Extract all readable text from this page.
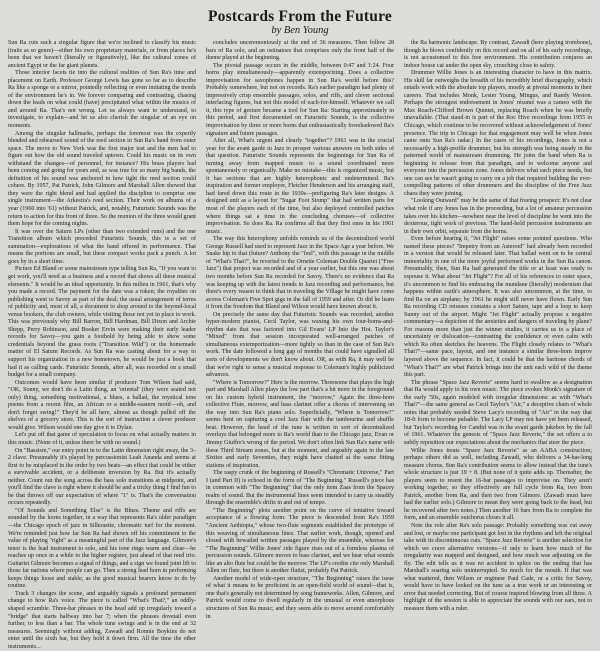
Postcards From the Future
by Ben Young

Sun Ra cuts such a singular figure that we're inclined to classify his music (traits as so genre)—either his own proprietary materials, or from places he's been that we haven't (literally or figuratively), like the cultural zones of ancient Egypt or the far giant planets.

Those interior facets tie into the cultural realities of Sun Ra's time and placement on Earth. Professor George Lewis has gone so far as to describe Ra like a sponge or a mirror, pointedly reflecting or even imitating the trends of the environment he's in. We forever comparing and contrasting, chasing down the leads on what could (have) precipitated what within the musics of and around Ra. That's not wrong. Let us always want to understand, to investigate, to explain—and let us also cherish the singular of an eye on moments.

Among the singular hallmarks, perhaps the foremost was the expertly blended and rehearsed sound of the reed section in Sun Ra's band from outer space. The move to New York was the first major test and the men had to figure out how the old sound traveled uptown. Could his music on its own withstand the changes—of personnel, for instance? His brass players had been coming and going for years and, as was true for so many big bands, the definition of his sound was anchored in how tight the reed section could cohere. By 1957, Pat Patrick, John Gilmore and Marshall Allen showed that they were the right blend and had applied the discipline to comprise one single instrument—the Arkestra's reed section. Their work on albums of a year (1960 into '61) without Patrick, and, notably, Futuristic Sounds was the return to action for this front of three. So the reunion of the three would grant them hope for the coming nights.

It was over the Saturn LPs (other than two extended runs) and the one Transition album which preceded Futuristic Sounds, this is a set of summation—explorations of what the band offered in performance. That means the portions are small, but these compact works pack a punch. A lot goes by in a short time.

Picture Ed Bland or some mainstream type telling Sun Ra, "If you want to get work, you'll need as a business and a record that shows all these musical elements." It would be an ideal opportunity. In this milieu in 1961, that's why you made a record. The payment for the date was a token; the royalties on publishing went to Savoy as part of the deal; the usual arrangement of terms of publicity and, most of all, a document to shop around to the beyond-local venue bookers, the club owners, while visiting those not yet in place to work. This was previously why Bill Barron, Bill Hardman, Bill Dixon and Archie Shepp, Perry Robinson, and Booker Ervin were making their early leader records for Savoy—you gain a foothold by being able to show some credentials beyond the grass roots ("Transition Wild") or the homemade matter of El Saturn Records. As Sun Ra was casting about for a way to support his organization in a new hometown, he would be just a book that had it as calling cards. Futuristic Sounds, after all, was recorded on a small budget for a small company.

Outcomes would have been similar if producer Tom Wilson had said, "OK, Sonny, we don't do a Latin thing, an 'oriental' (they were seated not only) thing, something motivational, a blues, a ballad, the mystical tone poems from a recent film, an African or a middle-eastern motif—oh, and don't forget swing!" They'd be all here, almost as though pulled off the shelves of a grocery store. This is the sort of instruction a clever producer would give. Wilson would one day give it to Dylan.

Let's put off that game of speculation to focus on what actually matters in this music. (None of it, unless there be with no sound.)

On "Bassism," our entry point in to the Latin dimension right away, the 3–2 clave. Presumably it's played by percussionist Leah Ananda and seems at first to be misplaced in the order by two beats—an effect that could be either a survivable accident, or a deliberate inversion by Ra. But it's actually neither. Count out the song across the bass solo transitions at midpoint, and you'll find the clave is right where it should be and a tricky thing I find fun to be that throws off our expectation of where "1" is. That's the conversation occurs repeatedly.

"Of Sounds and Something Else" is the Blues. Theme and riffs are sounded by the horns together, in a way that represents Ra's older paradigm—the Chicago epoch of jazz in Silhouette, chromatic turf for the moment. We're reminded just how far Sun Ra had shown off his commitment to the value of playing "right" as a meaningful part of the Jazz language. Gilmore's tenor is the lead instrument to solo, and his tone rings warm and clear—he reaches up once in a while to the higher register, just ahead of that reed trio. Guitarist Gilmore becomes a signal of things, and a sign we found joint lift to those far nations where people can go. Then a strong lead horn in performing keeps things loose and stable, as the good musical bearers know to do by routine.

Track 3 changes the scene, and arguably signals a profound permanent change to how Ra's voice. The piece is called "What's That?," an oddly-shaped scramble. Three-bar phrases in the head add up irregularly toward a "bridge" that starts halfway into bar 7; when the phrases dovetail even further, to less than a bar. The whole tune swings and is in the end at 32 measures. Seemingly without adding, Zawadi and Ronnie Boykins do not enter until the sixth bar, but they hold it down firm. All the time the other instruments...

concludes unceremoniously at the end of 36 measures. Then follow 28 bars of Ra solo, and an ostinatoes that comprises only the front half of the theme played at the beginning.

The pivotal passage occurs in the middle, between 0:47 and 1:24. Four horns play simultaneously—apparently extemporizing. Does a collective improvisation for saxophones happen in Sun Ra's world before this? Probably somewhere, but not on records. Ra's earlier paradigm had plenty of impressively crisp ensemble passages, solos, and riffs, and clever sectional interlacing figures, but not this model of each-for-himself. Whatever we call it, this type of gesture became a tool for Sun Ra: Starting approximately in this period, and first documented on Futuristic Sounds, is the collective improvisation by three or more horns that enthusiastically foreshadowed Ra's signature and future passages.

After all, What's urgent and clearly "together"? 1961 was in the crucial year for the avant garde in Jazz to prosper various answers on both sides of that question. Futuristic Sounds represents the beginnings for Sun Ra of turning away from mapped music to a sound coordinated more spontaneously or organically. Make no mistake—this is organized music, but it has sections that are highly heterophonic and undetermined. Ra's inspiration and former employer, Fletcher Henderson and his arranging staff, had fared down this route in the 1930s—prefiguring Ra's later designs. A designed unit as a layout for "Sugar Foot Stomp" that had written parts for most of the players each of the time, but also deployed controlled patches where things sat a time in the concluding choruses—of collective improvisation. So does Ra. Ra confirms all that they first ones in his 1961 music.

The way this heterophony unfolds reminds us of the decentralized world George Russell had used to represent Jazz in the Space Age a year before. We Snake hip to that (future? Anthony the "feel", with this passage in the middle of "What's That?", he reverted to the Ornette Coleman Double Quartet ("Free Jazz") that project was recorded and of a year earlier, but this one was about two months before Sun Ra recorded for Savoy. There's no evidence that Ra was keeping up with the latest trends in Jazz recording and performance, but there's every reason to think that in traveling the Village he might have come across Coleman's Five Spot gigs in the fall of 1959 and after. Or did he learn it from the freedom that Bland and Wilson would have known about it.

On precisely the same day that Futuristic Sounds was recorded, another hyper-modern pianist, Cecil Taylor, was waxing his own four-horns-and-rhythm date that was factored into Gil Evans' LP Into the Hot. Taylor's "Mixed" from that session incorporated well-arranged patches of simultaneous extemporization—more tightly so than in the case of Sun Ra's work. The date followed a long gap of months that could have signalled all sorts of developments we don't know about. OR, as with Ra, it may well be that we're right to sense a musical response to Coleman's highly publicized advances.

"Where is Tomorrow?" Here is the morrow. Threesome that plays the high part and Marshall Allen plays the low part that's a bit more in the foreground on his custom hybrid instrument, the "morrow," Again the three-horn collective Flute, morrow, and bass clarinet offer a chorus of intervening on the way into Sun Ra's piano solo. Superficially, "Where is Tomorrow?" seems bent on capturing a cool Jazz flair with the tambourine and shuffle beat. However, the head of the tune is written in sort of decentralized overlays that belonged more to Ra's world than to the Chicago jazz, Evan or Jimmy Giuffre's wrong of the period. We don't often link Sun Ra's name with these Third Stream zones, but at the moment, and arguably again in the late Sixties and early Seventies, they might have chatted at the same fitting stations of inspiration.

The raspy crunk of the beginning of Russell's "Chromatic Universe," Part I (and Part II) is echoed in the form of "The Beginning." Russell's piece has in common with "The Beginning" that the only item Zaas from the Spacey realm of sound. But the instrumental lines seem intended to carry us steadily through the ensemble's drifts in and out of tempo.

"The Beginning" plots another point on the curve of tentative toward acceptance of a flowing form. The piece is descended from Ra's 1959 "Ancient Aethiopia," whose two-flute segments established the prototype of this weaving of simultaneous lines. That earlier work, though, opened and closed with bewailed written passages played by the ensemble, whereas for "The Beginning" Willie Jones' ride figure rises out of a formless plasma of percussion sounds. Gilmore moves to bass clarinet, and we hear what sounds like an alto flute but could be the morrow. The LP's credits cite only Marshall Allen on flute, but there is another flutist, probably Pat Patrick.

Another model of wide-open structure, "The Beginning" raises the issue of what it means to be proficient in an open-field world of sound—that is, one that's generally not determined by song frameworks. Allen, Gilmore, and Patrick would come to dwell regularly in the unusual or even amorphous structures of Sun Ra music; and they seem able to move around comfortably in

the Ra harmonic landscape. By contrast, Zawadi (here playing trombone), though he blows confidently on this record and on all of his early recordings, is not accustomed to this free environment. His contribution conjures an indoor house cat under the open sky, crouching close to safety.

Drummer Willie Jones is an interesting character to have in this matrix. His skill far outweighs the breadth of his incredibly brief discography, which entails work with the absolute top players, mostly at pivotal moments in their careers. That includes Monk, Lester Young, Mingus, and Randy Weston. Perhaps the strongest endorsement in Jones' résumé was a cameo with the Max Roach-Clifford Brown Quintet, replacing Roach when he was briefly unavailable. (That stand-in is part of the Roc Hive recordings from 1955 in Chicago, which continue to be recovered without acknowledgement of Jones' presence. The trip to Chicago for that engagement may well be when Jones came onto Sun Ra's radar.) In the cases of his recordings, Jones is not a necessarily a high-profile drummer, but his strength was being steady in the patterned world of mainstream drumming. He joins the band when Ra is beginning to release from that paradigm, and to welcome anyone and everyone into the percussion zone. Jones delivers what each piece needs, but one can see he wasn't going to carry on a job that required building the ever-compelling patterns of other drummers and the discipline of the Free Jazz chaos they were joining.

"Looking Outward" may be the same of that freeing prospect: It's not clear what role if any Jones has in the proceeding, but a lot of amateur percussion takes over his kitchen—nowhere near the level of discipline he went into the dexterous, tight work of previous. The hand-held percussion instruments are in their own orbit, separate from the horns.

Even before hearing it, "Jet Flight" raises some pointed questions. Who named these pieces? "Impetry from an Asteroid" had already been recorded in a version that would be released later. That ballad went on to be central immortality in one of the more joyful performed works in the Sun Ra canon. Presumably, then, Sun Ra had generated the title or at least was ready to espouse it. What about "Jet Flight"? For all of his references to outer space, it's uncommon to find his embracing the mundane (literally) modernism that happens within earth's atmosphere. It was also uncommon, at the time, to find Ra on an airplane; by 1961 he might still never have flown. Early Sun Ra recording CD reissues contains a short Saturn, tape and a loop to keep Sunny out of the airport. Might "Jet Flight" actually propose a negative commentary—a depiction of the anxieties and dangers of traveling by plane? For reasons more than just the winner studies, it carries us to a place of uncertainty or dislocation—contrasting the confidence or even calm with which Ra often sketches the heavens. The Flight closely relates to "What's That?"—same pace, layout, and one instance a similar three-horn improv layered above the sequence. In fact, it could be that the baritone chords of "What's That?" are what Patrick brings into the unit each wild of the theme this part.

The phrase "Space Jazz Reverie" seems hard to swallow as a designation that Ra would apply to his own music. The piece evokes Monk's signature of the early '50s, again modeled with irregular dimensions: as with "What's That?"—the same general as Cecil Taylor's "Air," a deceptive chain of whole notes that probably seeded Steve Lacy's recording of "Air" in the way that 18-ft form to become pulsable. The Lacy LP may not have yet been released, but Taylor's recording for Candid was in the avant garde jukebox by the fall of 1961. Whatever the genesis of "Space Jazz Reverie," the set offers a to subtly reposition our expectations about the mechanics that steer the piece.

Willie Jones treats "Space Jazz Reverie" as an AABA construction; perhaps others did as well, including Zawadi, who delivers a 34-bar-long measure chorus. Sun Ra's contribution seems to allow instead that the tune's whole structure is just 19 + 8. (But none of it quite adds up. Thereafter, the players seem to resent the 16-bar passages to improvise on. They aren't working together, so they effectively are full cycle from Ra, two from Patrick, another from Ra, and then two from Gilmore. (Zawadi must have had the earlier solo.) Gilmore to mean they were going back to the head, but he recovered after two notes.) Then another 16 bars from Ra to complete the form, and an ensemble outchorus closes it all.

Note the role after Ra's solo passage: Probably something was cut away and lost, or maybe one participant got lost in the rhythms and left the original take with its discontinuous cuts. "Space Jazz Reverie" is another selection for which we crave alternative versions—if only to learn how much of the irregularity was mapped and designed, and how much was adjusting on the fly. The edit tells us it was no accident to splice on the ending that has Marshall's soaring solo uninterrupted. So much for the mouth. If that was what mattered, then Wilson or engineer Paul Cade, or a critic for Savoy, would have to have looked on the tune as a true work or an interesting or error that needed correcting. But of course inspired blowing from all three. A highlight of the session is able to appreciate the sounds with our ears, not to measure them with a ruler.
